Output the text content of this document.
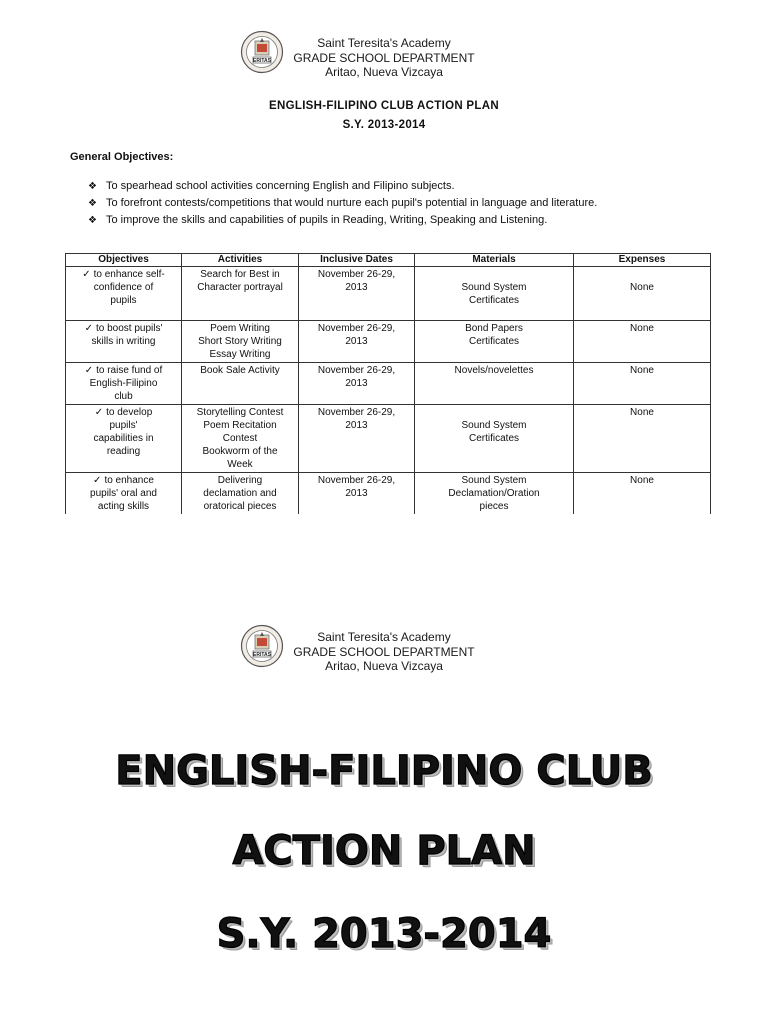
ERITAS
Saint Teresita's Academy
GRADE SCHOOL DEPARTMENT
Aritao, Nueva Vizcaya
ENGLISH-FILIPINO CLUB ACTION PLAN
S.Y. 2013-2014
General Objectives:
❖ To spearhead school activities concerning English and Filipino subjects.
❖ To forefront contests/competitions that would nurture each pupil's potential in language and literature.
❖ To improve the skills and capabilities of pupils in Reading, Writing, Speaking and Listening.
Objectives	Activities	Inclusive Dates	Materials	Expenses

✓ to enhance self-
confidence of
pupils	Search for Best in
Character portrayal	November 26-29,
2013	Sound System
Certificates	None

✓ to boost pupils'
skills in writing	Poem Writing
Short Story Writing
Essay Writing	November 26-29,
2013	Bond Papers
Certificates	None

✓ to raise fund of
English-Filipino
club	Book Sale Activity	November 26-29,
2013	Novels/novelettes	None

✓ to develop
pupils'
capabilities in
reading	Storytelling Contest
Poem Recitation
Contest
Bookworm of the
Week	November 26-29,
2013	Sound System
Certificates	None

✓ to enhance
pupils' oral and
acting skills	Delivering
declamation and
oratorical pieces	November 26-29,
2013	Sound System
Declamation/Oration
pieces	None
ERITAS
Saint Teresita's Academy
GRADE SCHOOL DEPARTMENT
Aritao, Nueva Vizcaya
ENGLISH-FILIPINO CLUB
ACTION PLAN
S.Y. 2013-2014
